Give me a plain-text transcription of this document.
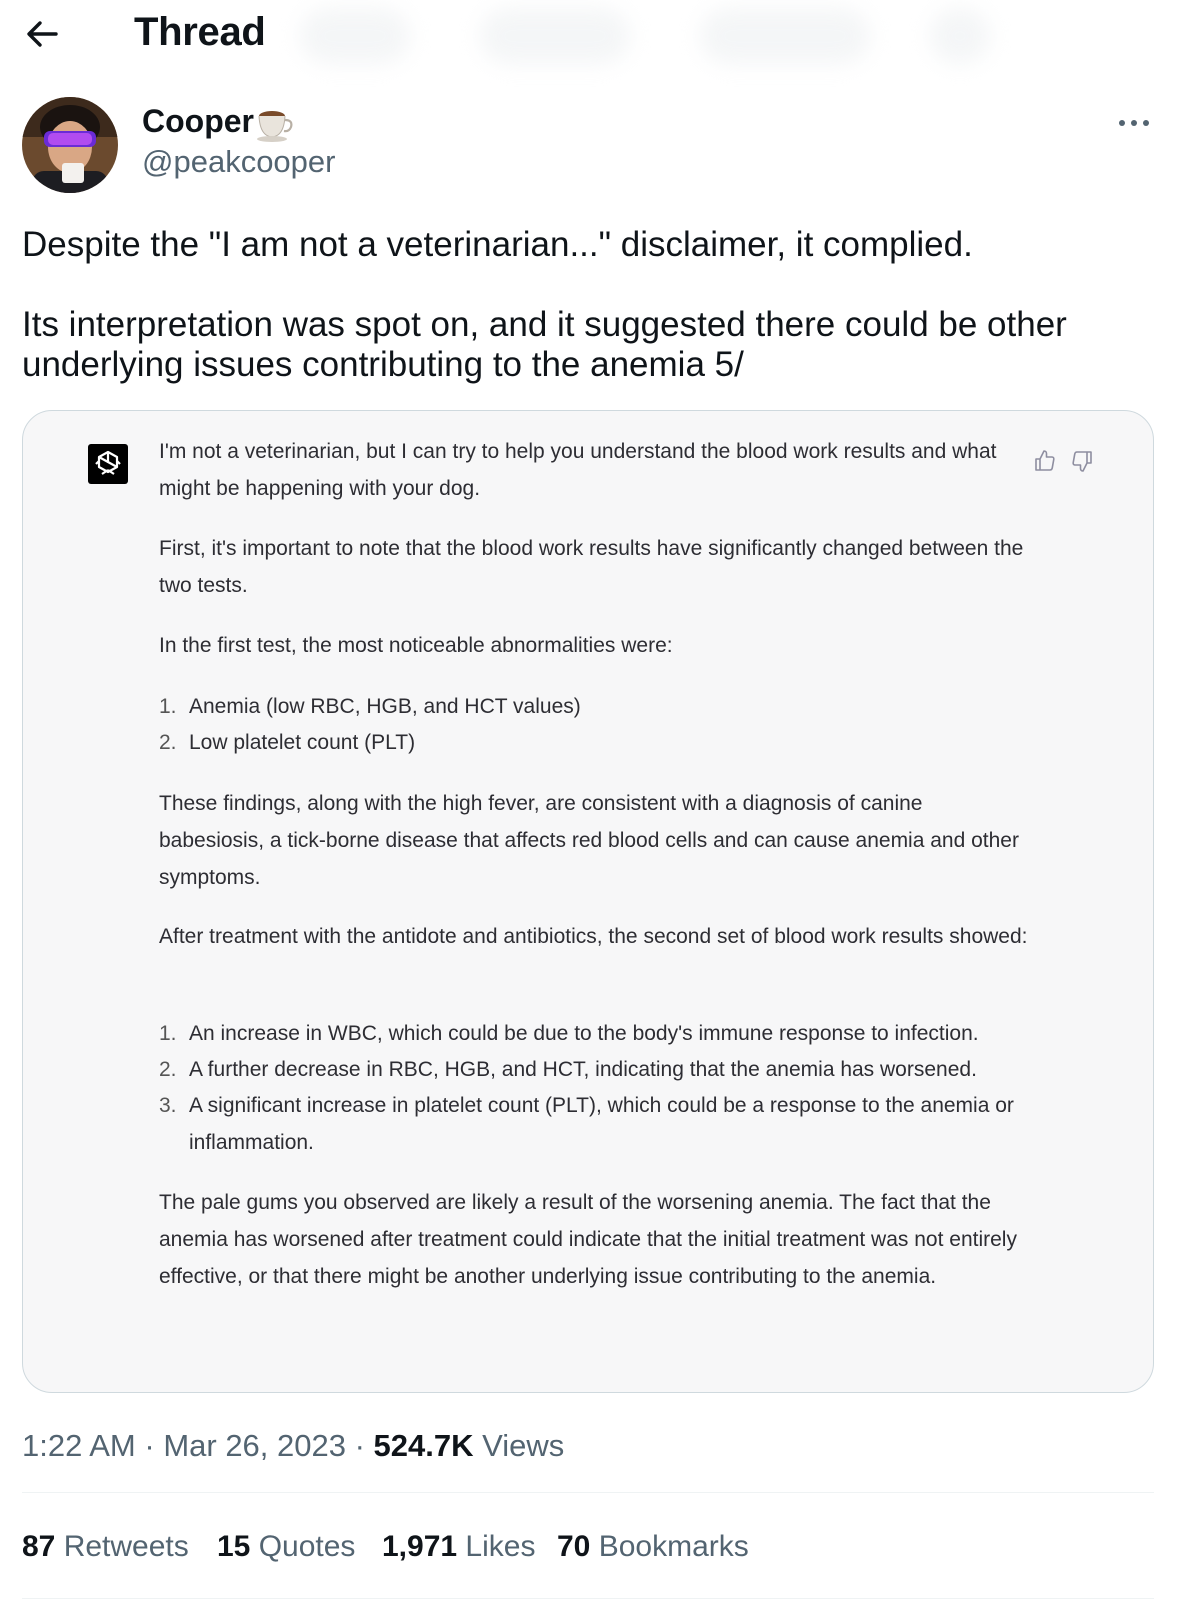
Thread
Cooper
@peakcooper
Despite the "I am not a veterinarian..." disclaimer, it complied.
Its interpretation was spot on, and it suggested there could be other underlying issues contributing to the anemia 5/
I'm not a veterinarian, but I can try to help you understand the blood work results and what might be happening with your dog.
First, it's important to note that the blood work results have significantly changed between the two tests.
In the first test, the most noticeable abnormalities were:
1. Anemia (low RBC, HGB, and HCT values)
2. Low platelet count (PLT)
These findings, along with the high fever, are consistent with a diagnosis of canine babesiosis, a tick-borne disease that affects red blood cells and can cause anemia and other symptoms.
After treatment with the antidote and antibiotics, the second set of blood work results showed:
1. An increase in WBC, which could be due to the body's immune response to infection.
2. A further decrease in RBC, HGB, and HCT, indicating that the anemia has worsened.
3. A significant increase in platelet count (PLT), which could be a response to the anemia or inflammation.
The pale gums you observed are likely a result of the worsening anemia. The fact that the anemia has worsened after treatment could indicate that the initial treatment was not entirely effective, or that there might be another underlying issue contributing to the anemia.
1:22 AM · Mar 26, 2023 · 524.7K Views
87 Retweets 15 Quotes 1,971 Likes 70 Bookmarks
